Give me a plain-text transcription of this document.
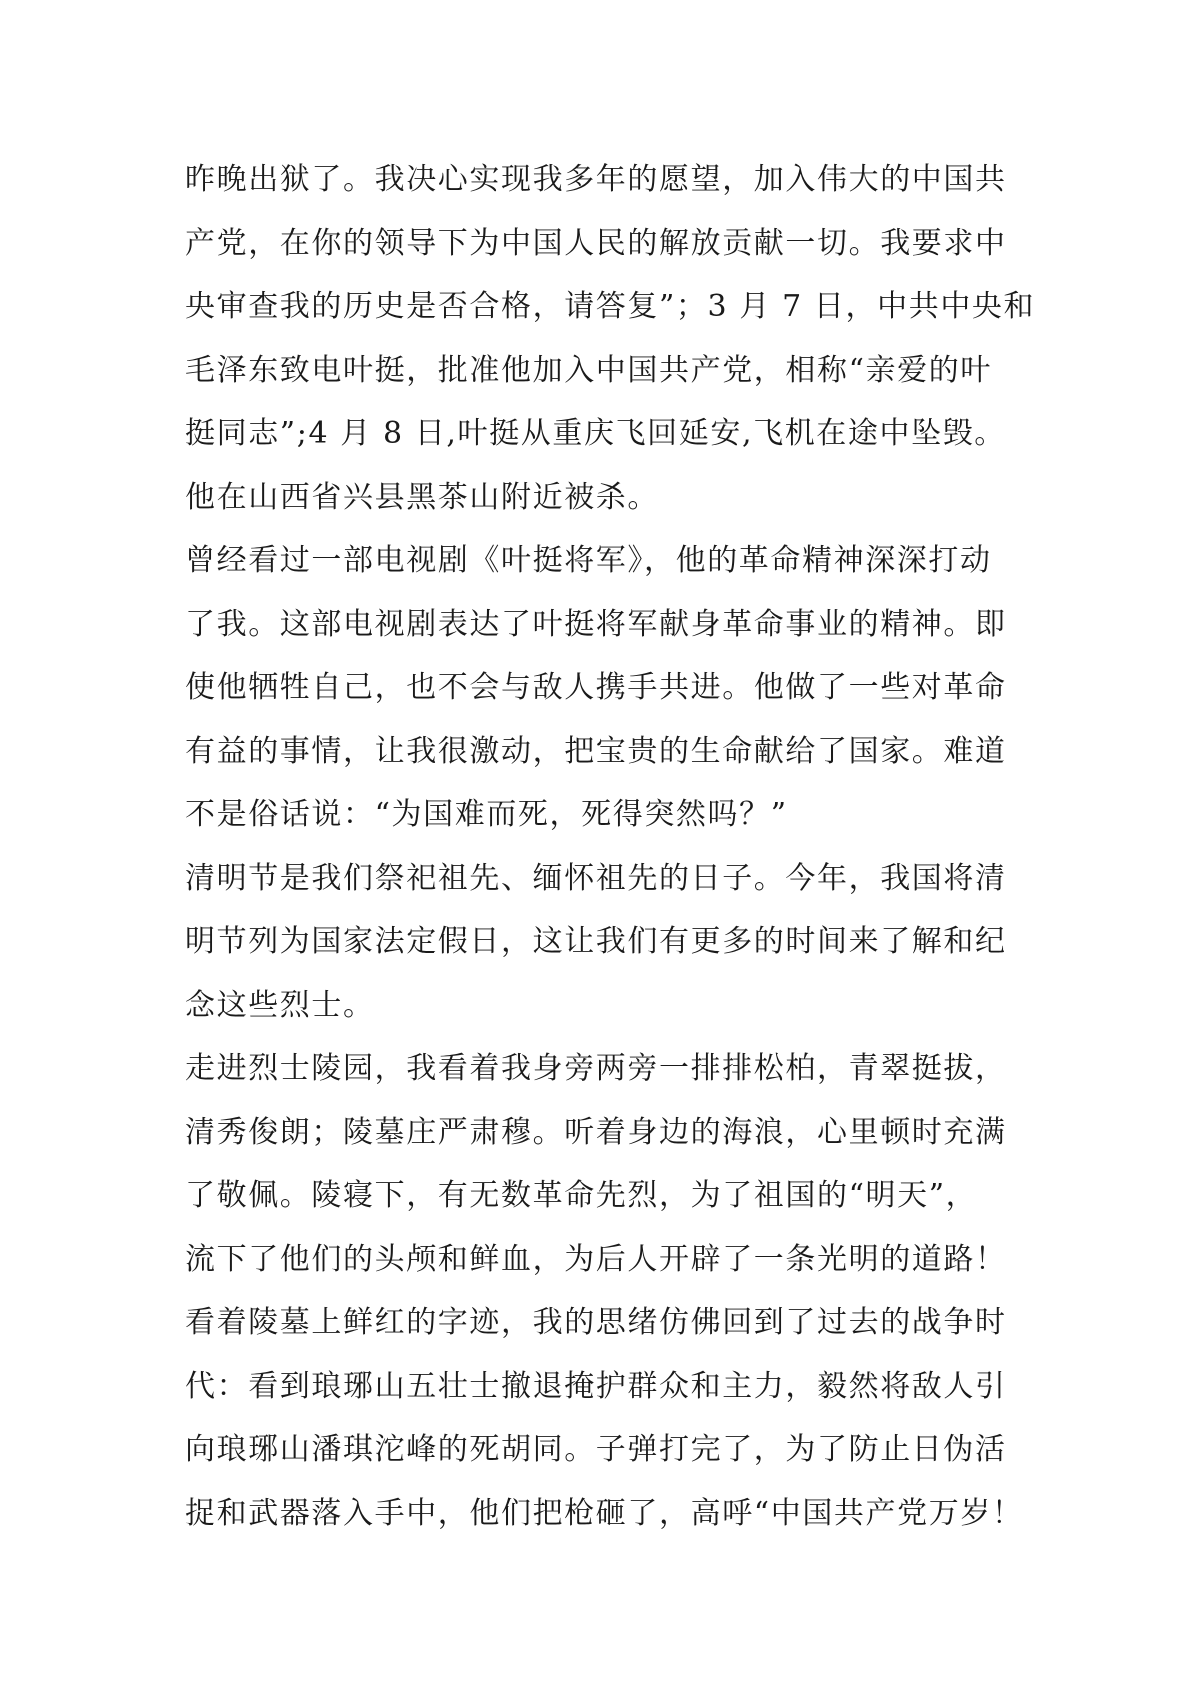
昨晚出狱了。我决心实现我多年的愿望，加入伟大的中国共
产党，在你的领导下为中国人民的解放贡献一切。我要求中
央审查我的历史是否合格，请答复”；3 月 7 日，中共中央和
毛泽东致电叶挺，批准他加入中国共产党，相称“亲爱的叶
挺同志”;4 月 8 日,叶挺从重庆飞回延安,飞机在途中坠毁。
他在山西省兴县黑茶山附近被杀。
曾经看过一部电视剧《叶挺将军》，他的革命精神深深打动
了我。这部电视剧表达了叶挺将军献身革命事业的精神。即
使他牺牲自己，也不会与敌人携手共进。他做了一些对革命
有益的事情，让我很激动，把宝贵的生命献给了国家。难道
不是俗话说：“为国难而死，死得突然吗？”
清明节是我们祭祀祖先、缅怀祖先的日子。今年，我国将清
明节列为国家法定假日，这让我们有更多的时间来了解和纪
念这些烈士。
走进烈士陵园，我看着我身旁两旁一排排松柏，青翠挺拔，
清秀俊朗；陵墓庄严肃穆。听着身边的海浪，心里顿时充满
了敬佩。陵寝下，有无数革命先烈，为了祖国的“明天”，
流下了他们的头颅和鲜血，为后人开辟了一条光明的道路！
看着陵墓上鲜红的字迹，我的思绪仿佛回到了过去的战争时
代：看到琅琊山五壮士撤退掩护群众和主力，毅然将敌人引
向琅琊山潘琪沱峰的死胡同。子弹打完了，为了防止日伪活
捉和武器落入手中，他们把枪砸了，高呼“中国共产党万岁！
